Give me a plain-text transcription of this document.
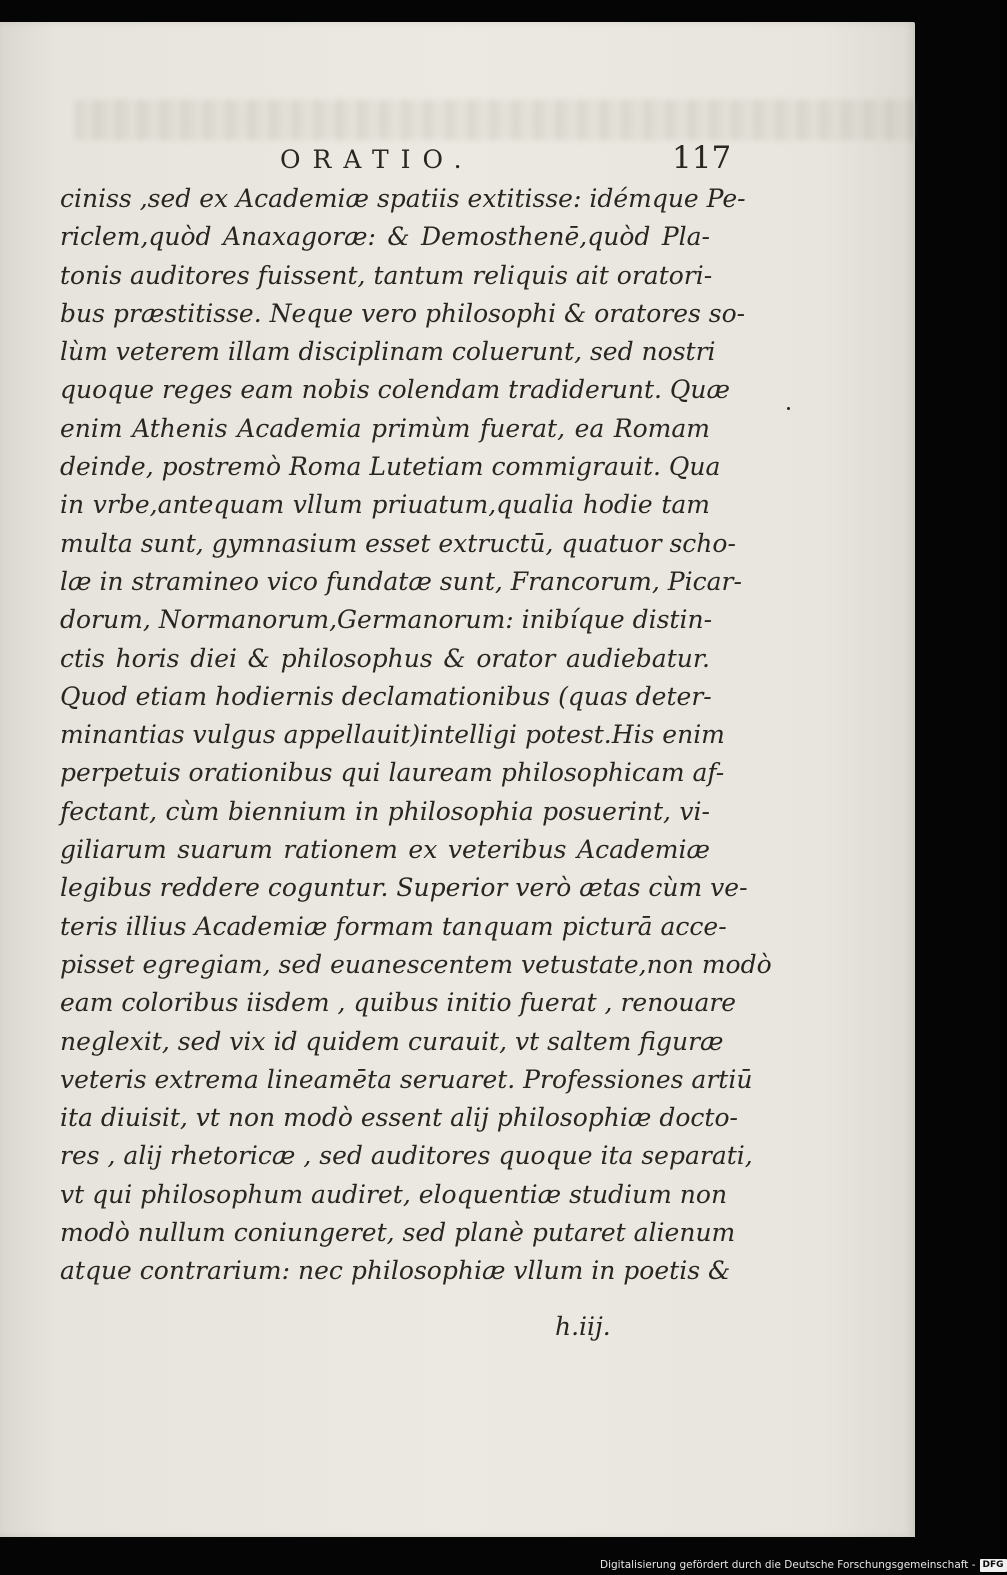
ORATIO.	117
ciniss ,sed ex Academiæ spatiis extitisse: idémque Pe-
riclem,quòd Anaxagoræ: & Demosthenē,quòd Pla-
tonis auditores fuissent, tantum reliquis ait oratori-
bus præstitisse. Neque vero philosophi & oratores so-
lùm veterem illam disciplinam coluerunt, sed nostri
quoque reges eam nobis colendam tradiderunt. Quæ
enim Athenis Academia primùm fuerat, ea Romam
deinde, postremò Roma Lutetiam commigrauit. Qua
in vrbe,antequam vllum priuatum,qualia hodie tam
multa sunt, gymnasium esset extructū, quatuor scho-
læ in stramineo vico fundatæ sunt, Francorum, Picar-
dorum, Normanorum,Germanorum: inibíque distin-
ctis horis diei & philosophus & orator audiebatur.
Quod etiam hodiernis declamationibus (quas deter-
minantias vulgus appellauit)intelligi potest.His enim
perpetuis orationibus qui lauream philosophicam af-
fectant, cùm biennium in philosophia posuerint, vi-
giliarum suarum rationem ex veteribus Academiæ
legibus reddere coguntur. Superior verò ætas cùm ve-
teris illius Academiæ formam tanquam picturā acce-
pisset egregiam, sed euanescentem vetustate,non modò
eam coloribus iisdem , quibus initio fuerat , renouare
neglexit, sed vix id quidem curauit, vt saltem figuræ
veteris extrema lineamēta seruaret. Professiones artiū
ita diuisit, vt non modò essent alij philosophiæ docto-
res , alij rhetoricæ , sed auditores quoque ita separati,
vt qui philosophum audiret, eloquentiæ studium non
modò nullum coniungeret, sed planè putaret alienum
atque contrarium: nec philosophiæ vllum in poetis &
h.iij.
Digitalisierung gefördert durch die Deutsche Forschungsgemeinschaft - DFG
